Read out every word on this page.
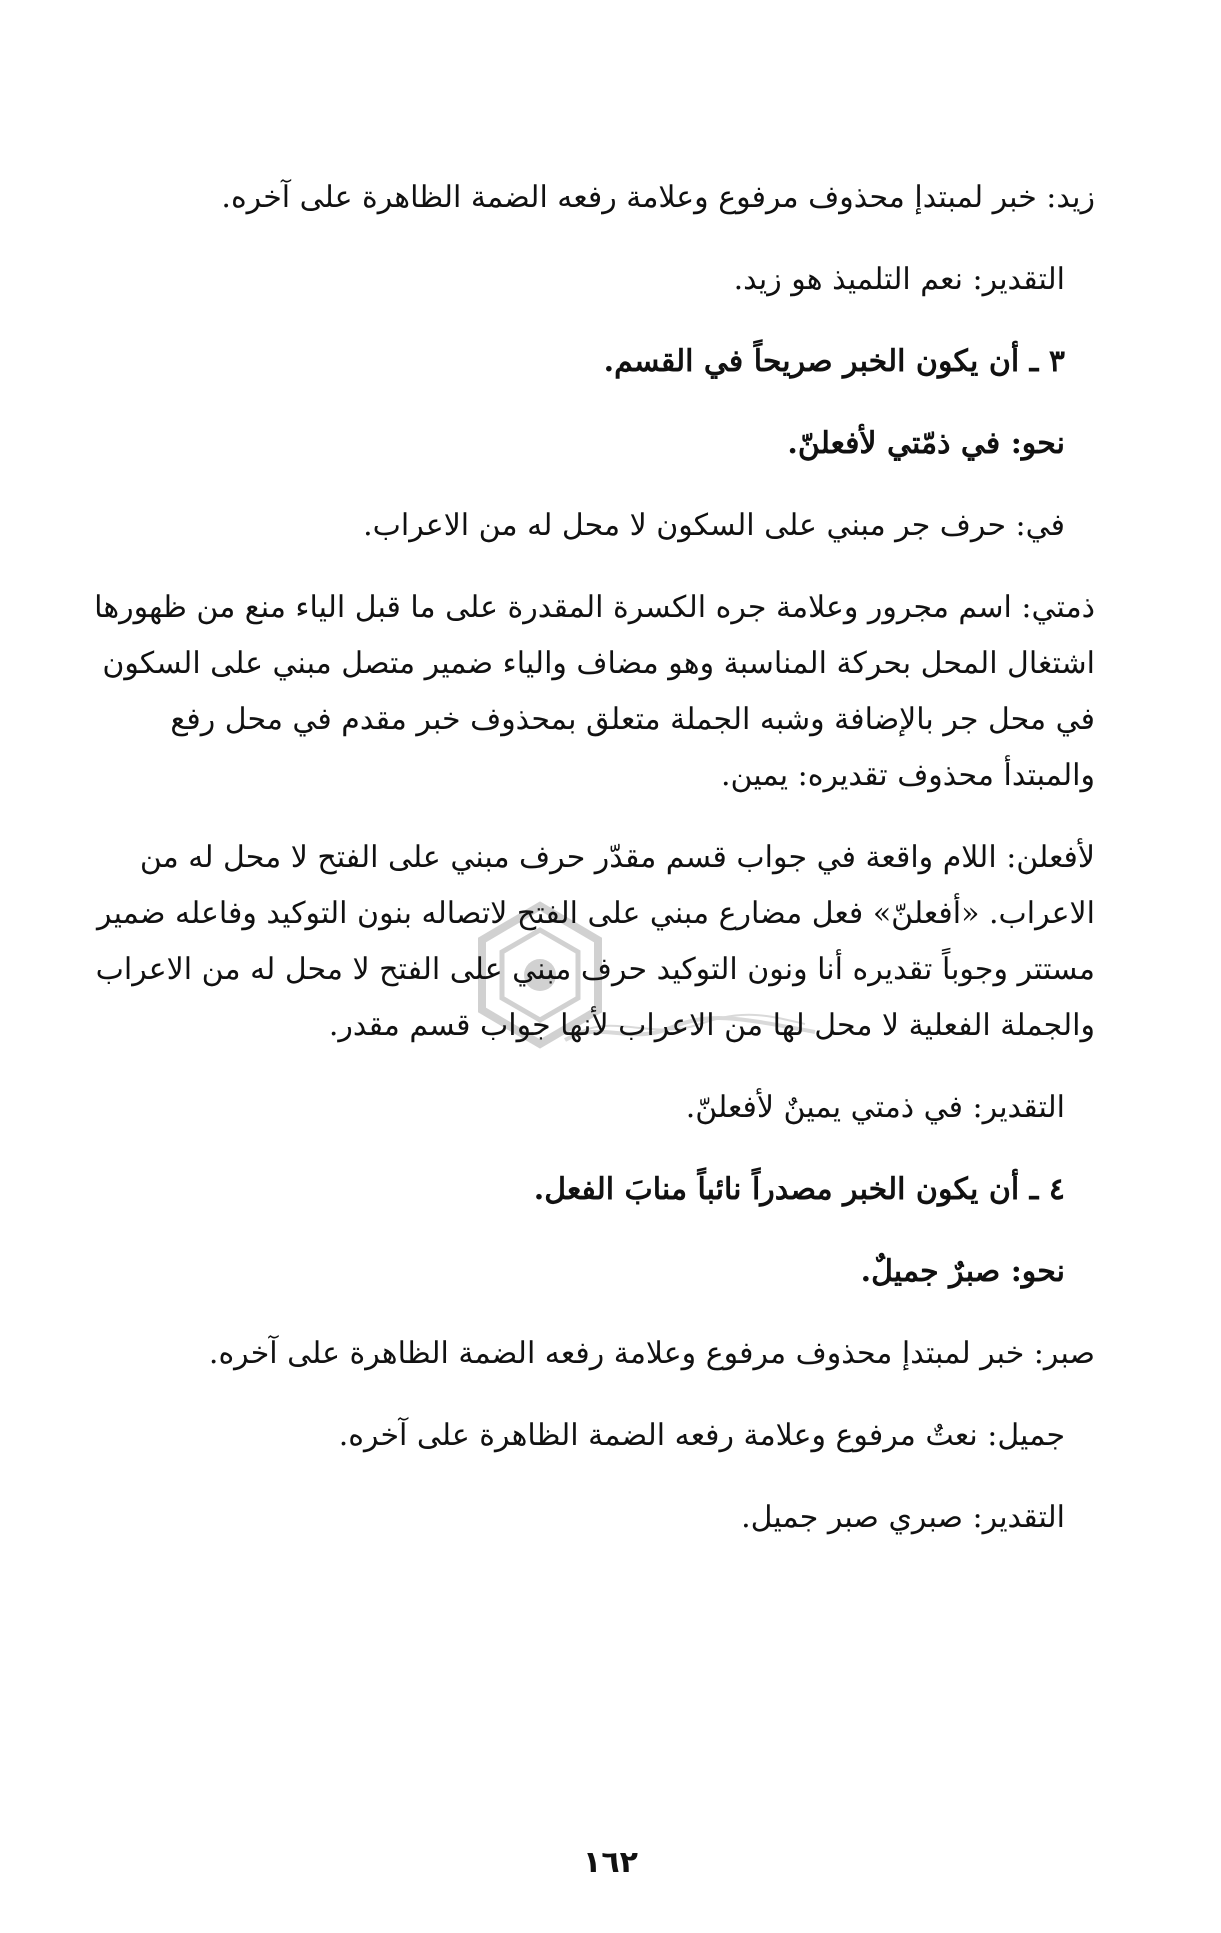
زيد: خبر لمبتدإ محذوف مرفوع وعلامة رفعه الضمة الظاهرة على آخره.

التقدير: نعم التلميذ هو زيد.

٣ ـ أن يكون الخبر صريحاً في القسم.

نحو: في ذمّتي لأفعلنّ.

في: حرف جر مبني على السكون لا محل له من الاعراب.

ذمتي: اسم مجرور وعلامة جره الكسرة المقدرة على ما قبل الياء منع من ظهورها اشتغال المحل بحركة المناسبة وهو مضاف والياء ضمير متصل مبني على السكون في محل جر بالإضافة وشبه الجملة متعلق بمحذوف خبر مقدم في محل رفع والمبتدأ محذوف تقديره: يمين.

لأفعلن: اللام واقعة في جواب قسم مقدّر حرف مبني على الفتح لا محل له من الاعراب. «أفعلنّ» فعل مضارع مبني على الفتح لاتصاله بنون التوكيد وفاعله ضمير مستتر وجوباً تقديره أنا ونون التوكيد حرف مبني على الفتح لا محل له من الاعراب والجملة الفعلية لا محل لها من الاعراب لأنها جواب قسم مقدر.

التقدير: في ذمتي يمينٌ لأفعلنّ.

٤ ـ أن يكون الخبر مصدراً نائباً منابَ الفعل.

نحو: صبرٌ جميلٌ.

صبر: خبر لمبتدإ محذوف مرفوع وعلامة رفعه الضمة الظاهرة على آخره.

جميل: نعتٌ مرفوع وعلامة رفعه الضمة الظاهرة على آخره.

التقدير: صبري صبر جميل.

١٦٢
